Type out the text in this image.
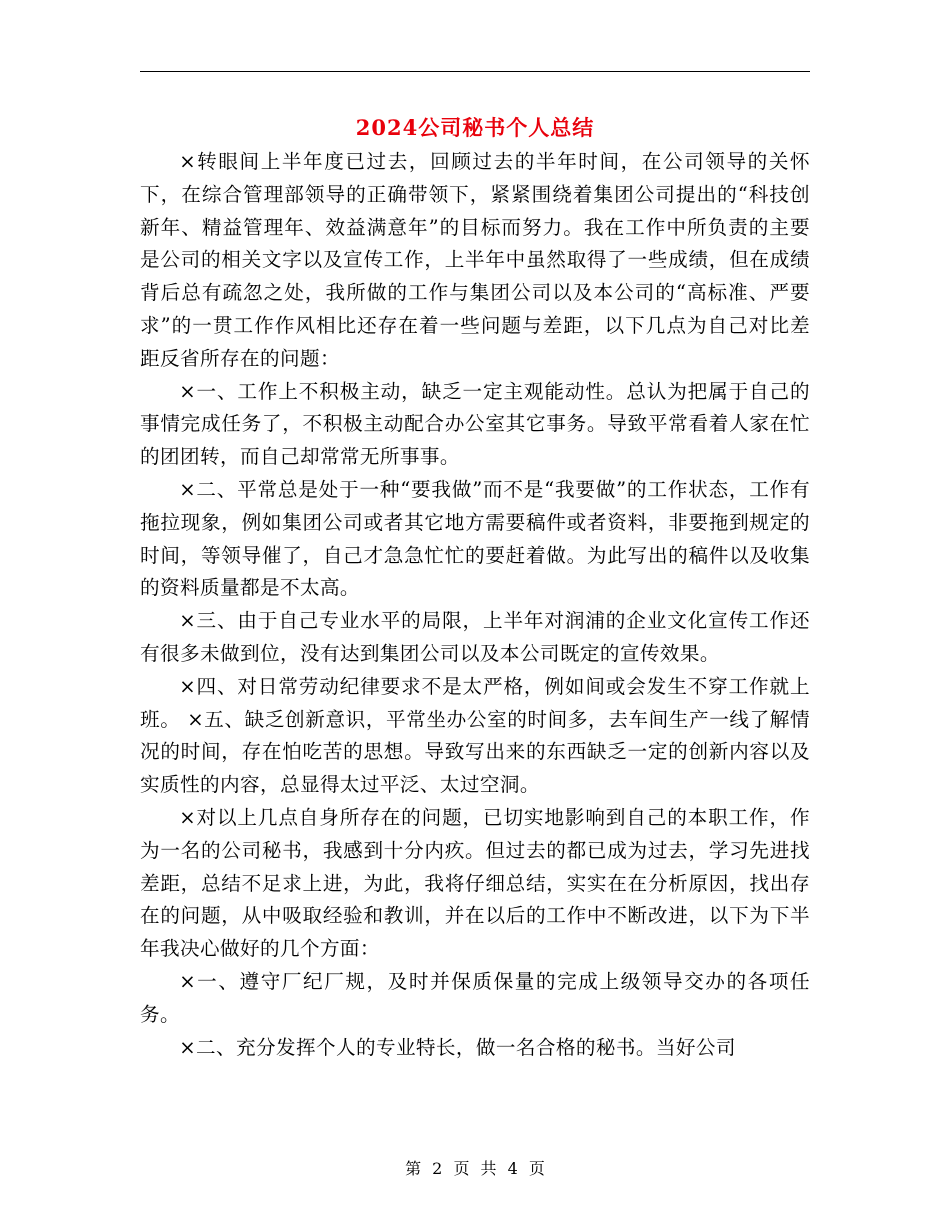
2024公司秘书个人总结

×转眼间上半年度已过去，回顾过去的半年时间，在公司领导的关怀下，在综合管理部领导的正确带领下，紧紧围绕着集团公司提出的“科技创新年、精益管理年、效益满意年”的目标而努力。我在工作中所负责的主要是公司的相关文字以及宣传工作，上半年中虽然取得了一些成绩，但在成绩背后总有疏忽之处，我所做的工作与集团公司以及本公司的“高标准、严要求”的一贯工作作风相比还存在着一些问题与差距，以下几点为自己对比差距反省所存在的问题：

×一、工作上不积极主动，缺乏一定主观能动性。总认为把属于自己的事情完成任务了，不积极主动配合办公室其它事务。导致平常看着人家在忙的团团转，而自己却常常无所事事。

×二、平常总是处于一种“要我做”而不是“我要做”的工作状态，工作有拖拉现象，例如集团公司或者其它地方需要稿件或者资料，非要拖到规定的时间，等领导催了，自己才急急忙忙的要赶着做。为此写出的稿件以及收集的资料质量都是不太高。

×三、由于自己专业水平的局限，上半年对润浦的企业文化宣传工作还有很多未做到位，没有达到集团公司以及本公司既定的宣传效果。

×四、对日常劳动纪律要求不是太严格，例如间或会发生不穿工作就上班。 ×五、缺乏创新意识，平常坐办公室的时间多，去车间生产一线了解情况的时间，存在怕吃苦的思想。导致写出来的东西缺乏一定的创新内容以及实质性的内容，总显得太过平泛、太过空洞。

×对以上几点自身所存在的问题，已切实地影响到自己的本职工作，作为一名的公司秘书，我感到十分内疚。但过去的都已成为过去，学习先进找差距，总结不足求上进，为此，我将仔细总结，实实在在分析原因，找出存在的问题，从中吸取经验和教训，并在以后的工作中不断改进，以下为下半年我决心做好的几个方面：

×一、遵守厂纪厂规，及时并保质保量的完成上级领导交办的各项任务。

×二、充分发挥个人的专业特长，做一名合格的秘书。当好公司

第 2 页 共 4 页
